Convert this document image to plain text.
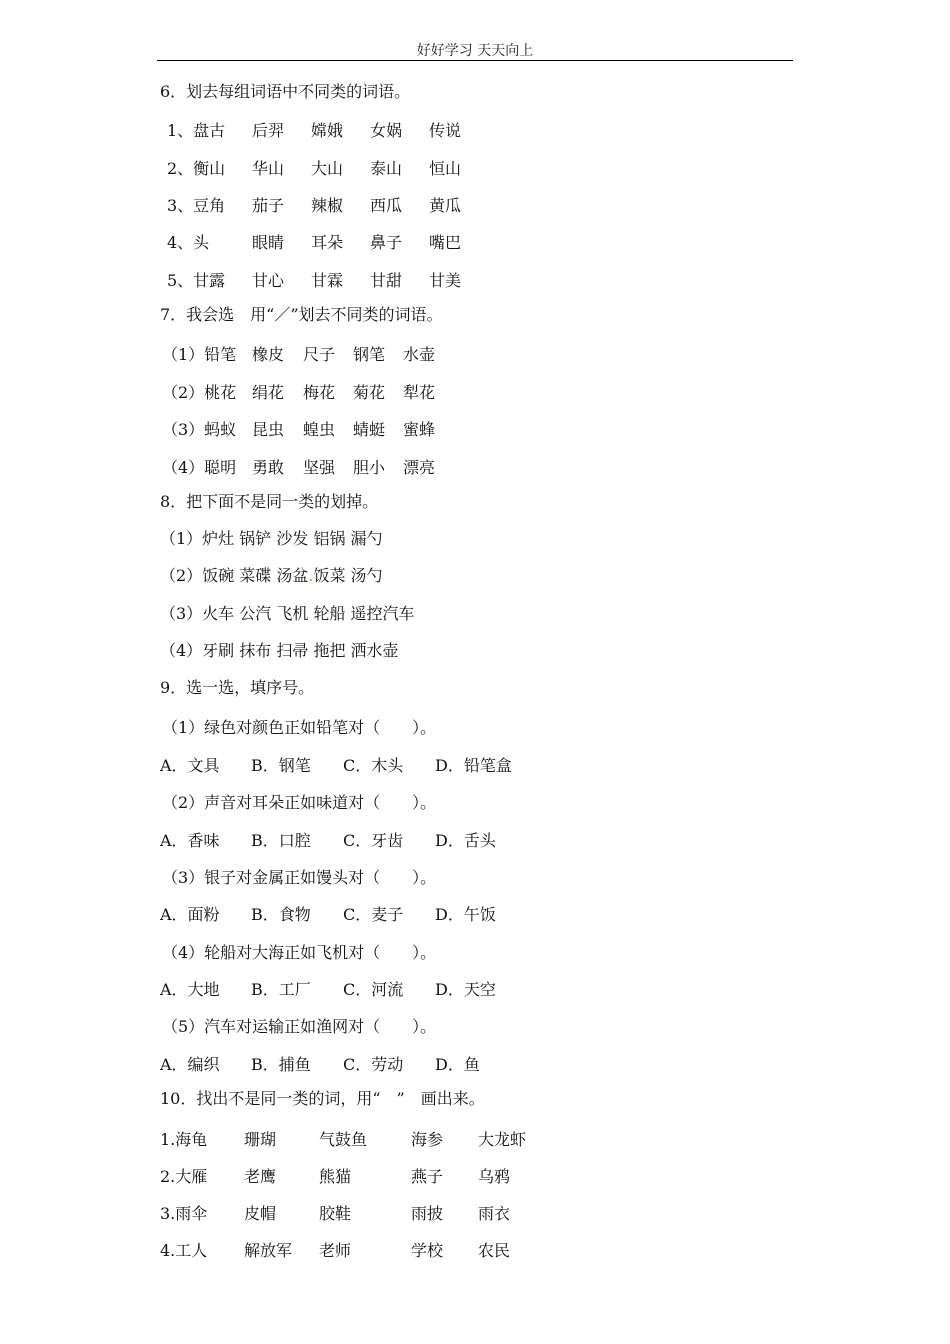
好好学习 天天向上
6．划去每组词语中不同类的词语。
1、盘古 后羿 嫦娥 女娲 传说
2、衡山 华山 大山 泰山 恒山
3、豆角 茄子 辣椒 西瓜 黄瓜
4、头	眼睛 耳朵 鼻子 嘴巴
5、甘露 甘心 甘霖 甘甜 甘美
7．我会选　用“／”划去不同类的词语。
（1）铅笔 橡皮 尺子 钢笔 水壶
（2）桃花 绢花 梅花 菊花 犁花
（3）蚂蚁 昆虫 蝗虫 蜻蜓 蜜蜂
（4）聪明 勇敢 坚强 胆小 漂亮
8．把下面不是同一类的划掉。
（1）炉灶 锅铲 沙发 铝锅 漏勺
（2）饭碗 菜碟 汤盆.饭菜 汤勺
（3）火车 公汽 飞机 轮船 遥控汽车
（4）牙刷 抹布 扫帚 拖把 洒水壶
9．选一选，填序号。
（1）绿色对颜色正如铅笔对（　　）。
A．文具 B．钢笔 C．木头 D．铅笔盒
（2）声音对耳朵正如味道对（　　）。
A．香味 B．口腔 C．牙齿 D．舌头
（3）银子对金属正如馒头对（　　）。
A．面粉 B．食物 C．麦子 D．午饭
（4）轮船对大海正如飞机对（　　）。
A．大地 B．工厂 C．河流 D．天空
（5）汽车对运输正如渔网对（　　）。
A．编织 B．捕鱼 C．劳动 D．鱼
10．找出不是同一类的词，用“　”　画出来。
1.海龟 珊瑚	气鼓鱼	海参 大龙虾
2.大雁 老鹰	熊猫	燕子 乌鸦
3.雨伞 皮帽	胶鞋	雨披 雨衣
4.工人 解放军 老师	学校 农民
